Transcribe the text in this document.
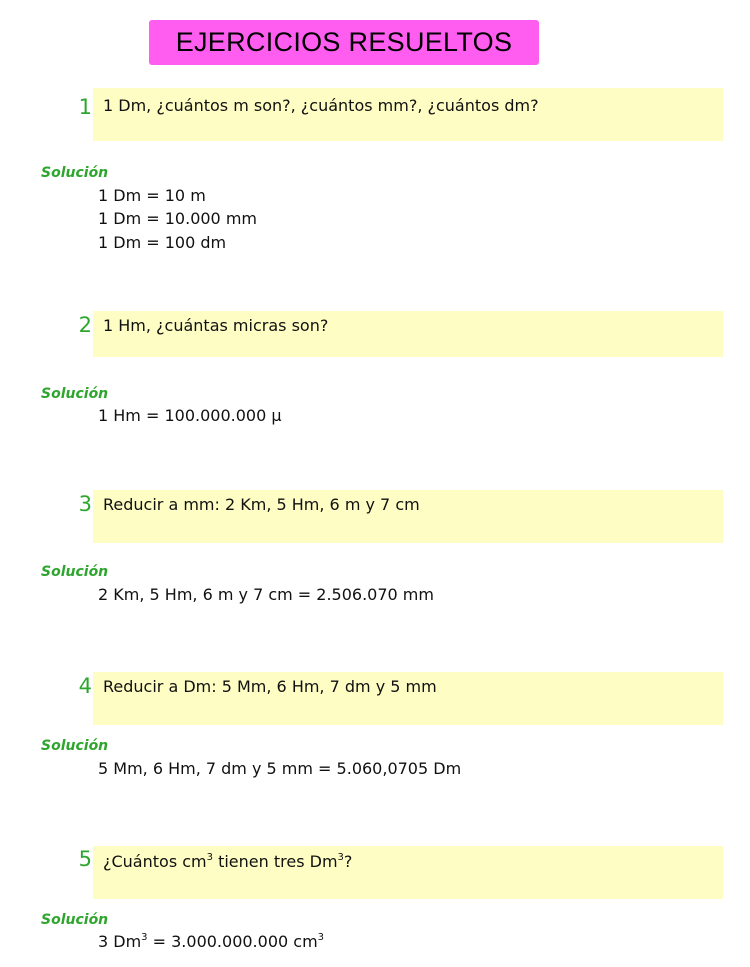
EJERCICIOS RESUELTOS
1 1 Dm, ¿cuántos m son?, ¿cuántos mm?, ¿cuántos dm?
Solución
1 Dm = 10 m
1 Dm = 10.000 mm
1 Dm = 100 dm
2 1 Hm, ¿cuántas micras son?
Solución
1 Hm = 100.000.000 μ
3 Reducir a mm: 2 Km, 5 Hm, 6 m y 7 cm
Solución
2 Km, 5 Hm, 6 m y 7 cm = 2.506.070 mm
4 Reducir a Dm: 5 Mm, 6 Hm, 7 dm y 5 mm
Solución
5 Mm, 6 Hm, 7 dm y 5 mm = 5.060,0705 Dm
5 ¿Cuántos $cm^3$ tienen tres Dm$^3$?
Solución
3 $Dm^3 = 3.000.000.000$ $cm^3$
